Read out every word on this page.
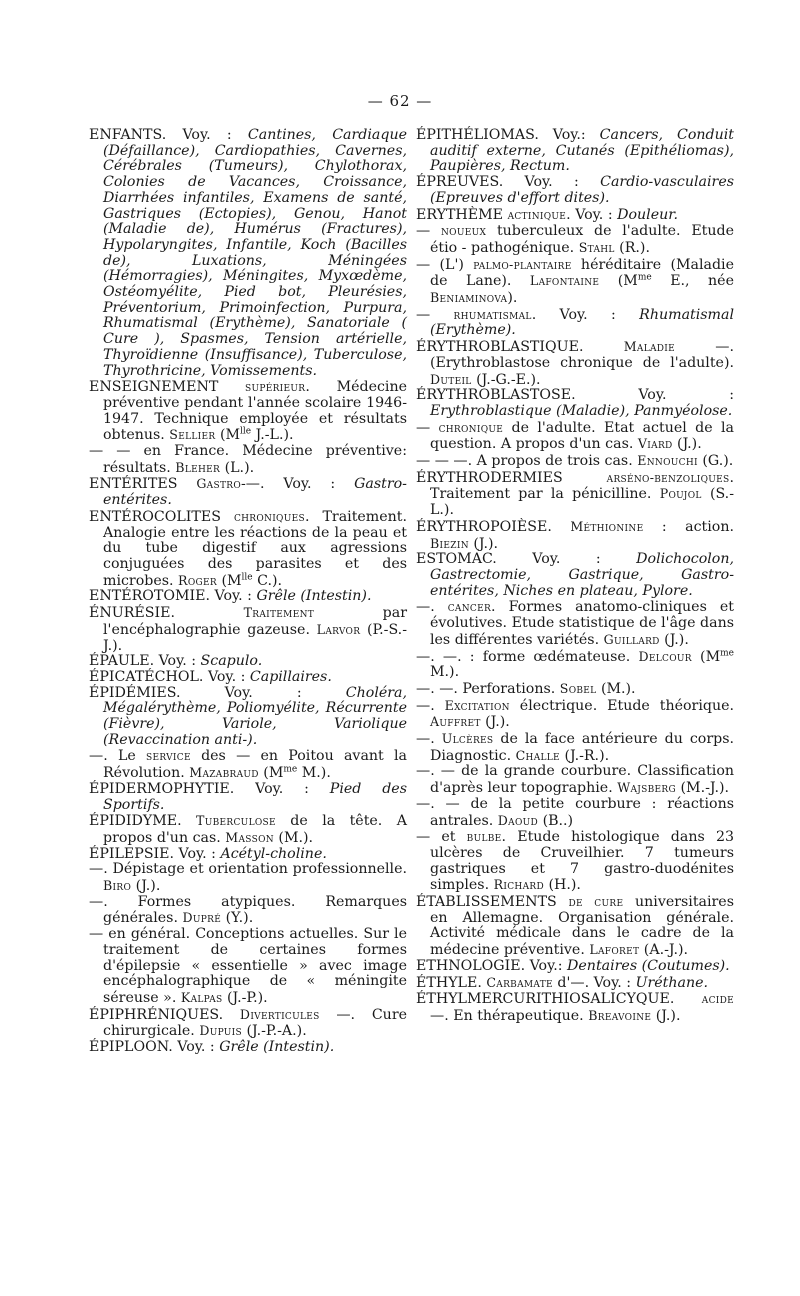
— 62 —

ENFANTS. Voy. : Cantines, Cardiaque (Défaillance), Cardiopathies, Cavernes, Cérébrales (Tumeurs), Chylothorax, Colonies de Vacances, Croissance, Diarrhées infantiles, Examens de santé, Gastriques (Ectopies), Genou, Hanot (Maladie de), Humérus (Fractures), Hypolaryngites, Infantile, Koch (Bacilles de), Luxations, Méningées (Hémorragies), Méningites, Myxœdème, Ostéomyélite, Pied bot, Pleurésies, Préventorium, Primoinfection, Purpura, Rhumatismal (Erythème), Sanatoriale ( Cure ), Spasmes, Tension artérielle, Thyroïdienne (Insuffisance), Tuberculose, Thyrothricine, Vomissements.

ENSEIGNEMENT supérieur. Médecine préventive pendant l'année scolaire 1946-1947. Technique employée et résultats obtenus. Sellier ($M^{lle}$ J.-L.).

— — en France. Médecine préventive: résultats. Bleher (L.).

ENTÉRITES Gastro-—. Voy. : Gastro-entérites.

ENTÉROCOLITES chroniques. Traitement. Analogie entre les réactions de la peau et du tube digestif aux agressions conjuguées des parasites et des microbes. Roger ($M^{lle}$ C.).

ENTÉROTOMIE. Voy. : Grêle (Intestin).

ÉNURÉSIE. Traitement par l'encéphalographie gazeuse. Larvor (P.-S.-J.).

ÉPAULE. Voy. : Scapulo.

ÉPICATÉCHOL. Voy. : Capillaires.

ÉPIDÉMIES. Voy. : Choléra, Mégalérythème, Poliomyélite, Récurrente (Fièvre), Variole, Variolique (Revaccination anti-).

—. Le service des — en Poitou avant la Révolution. Mazabraud ($M^{me}$ M.).

ÉPIDERMOPHYTIE. Voy. : Pied des Sportifs.

ÉPIDIDYME. Tuberculose de la tête. A propos d'un cas. Masson (M.).

ÉPILEPSIE. Voy. : Acétyl-choline.

—. Dépistage et orientation professionnelle. Biro (J.).

—. Formes atypiques. Remarques générales. Dupré (Y.).

— en général. Conceptions actuelles. Sur le traitement de certaines formes d'épilepsie « essentielle » avec image encéphalographique de « méningite séreuse ». Kalpas (J.-P.).

ÉPIPHRÉNIQUES. Diverticules —. Cure chirurgicale. Dupuis (J.-P.-A.).

ÉPIPLOON. Voy. : Grêle (Intestin).

ÉPITHÉLIOMAS. Voy.: Cancers, Conduit auditif externe, Cutanés (Epithéliomas), Paupières, Rectum.

ÉPREUVES. Voy. : Cardio-vasculaires (Epreuves d'effort dites).

ERYTHÈME actinique. Voy. : Douleur.

— noueux tuberculeux de l'adulte. Etude étio - pathogénique. Stahl (R.).

— (L') palmo-plantaire héréditaire (Maladie de Lane). Lafontaine ($M^{me}$ E., née Beniaminova).

— rhumatismal. Voy. : Rhumatismal (Erythème).

ÉRYTHROBLASTIQUE. Maladie —. (Erythroblastose chronique de l'adulte). Duteil (J.-G.-E.).

ÉRYTHROBLASTOSE. Voy. : Erythroblastique (Maladie), Panmyéolose.

— chronique de l'adulte. Etat actuel de la question. A propos d'un cas. Viard (J.).

— — —. A propos de trois cas. Ennouchi (G.).

ÉRYTHRODERMIES arséno-benzoliques. Traitement par la pénicilline. Poujol (S.-L.).

ÉRYTHROPOIÈSE. Méthionine : action. Biezin (J.).

ESTOMAC. Voy. : Dolichocolon, Gastrectomie, Gastrique, Gastro-entérites, Niches en plateau, Pylore.

—. cancer. Formes anatomo-cliniques et évolutives. Etude statistique de l'âge dans les différentes variétés. Guillard (J.).

—. —. : forme œdémateuse. Delcour ($M^{me}$ M.).

—. —. Perforations. Sobel (M.).

—. Excitation électrique. Etude théorique. Auffret (J.).

—. Ulcères de la face antérieure du corps. Diagnostic. Challe (J.-R.).

—. — de la grande courbure. Classification d'après leur topographie. Wajsberg (M.-J.).

—. — de la petite courbure : réactions antrales. Daoud (B..)

— et bulbe. Etude histologique dans 23 ulcères de Cruveilhier. 7 tumeurs gastriques et 7 gastro-duodénites simples. Richard (H.).

ÉTABLISSEMENTS de cure universitaires en Allemagne. Organisation générale. Activité médicale dans le cadre de la médecine préventive. Laforet (A.-J.).

ETHNOLOGIE. Voy.: Dentaires (Coutumes).

ÉTHYLE. Carbamate d'—. Voy. : Uréthane.

ÉTHYLMERCURITHIOSALICYQUE. acide —. En thérapeutique. Breavoine (J.).
